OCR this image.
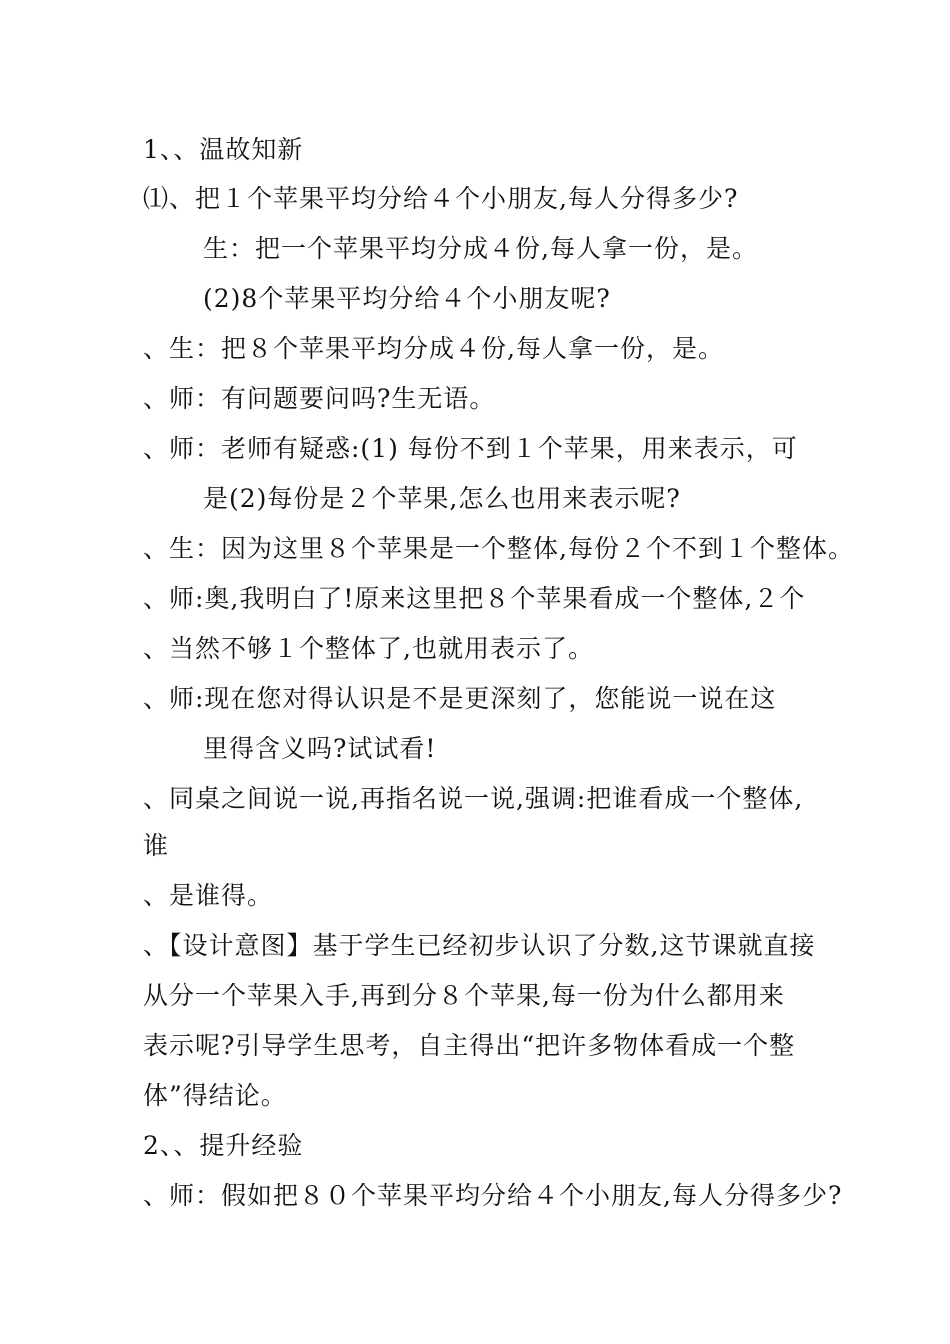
1、、温故知新
⑴、把１个苹果平均分给４个小朋友,每人分得多少?
生：把一个苹果平均分成４份,每人拿一份，是。
(2)8个苹果平均分给４个小朋友呢?
、生：把８个苹果平均分成４份,每人拿一份，是。
、师：有问题要问吗?生无语。
、师：老师有疑惑:(1) 每份不到１个苹果，用来表示，可
是(2)每份是２个苹果,怎么也用来表示呢?
、生：因为这里８个苹果是一个整体,每份２个不到１个整体。
、师:奥,我明白了!原来这里把８个苹果看成一个整体,２个
、当然不够１个整体了,也就用表示了。
、师:现在您对得认识是不是更深刻了，您能说一说在这
里得含义吗?试试看!
、同桌之间说一说,再指名说一说,强调:把谁看成一个整体,
谁
、是谁得。
、【设计意图】基于学生已经初步认识了分数,这节课就直接
从分一个苹果入手,再到分８个苹果,每一份为什么都用来
表示呢?引导学生思考，自主得出“把许多物体看成一个整
体”得结论。
2、、提升经验
、师：假如把８０个苹果平均分给４个小朋友,每人分得多少?
